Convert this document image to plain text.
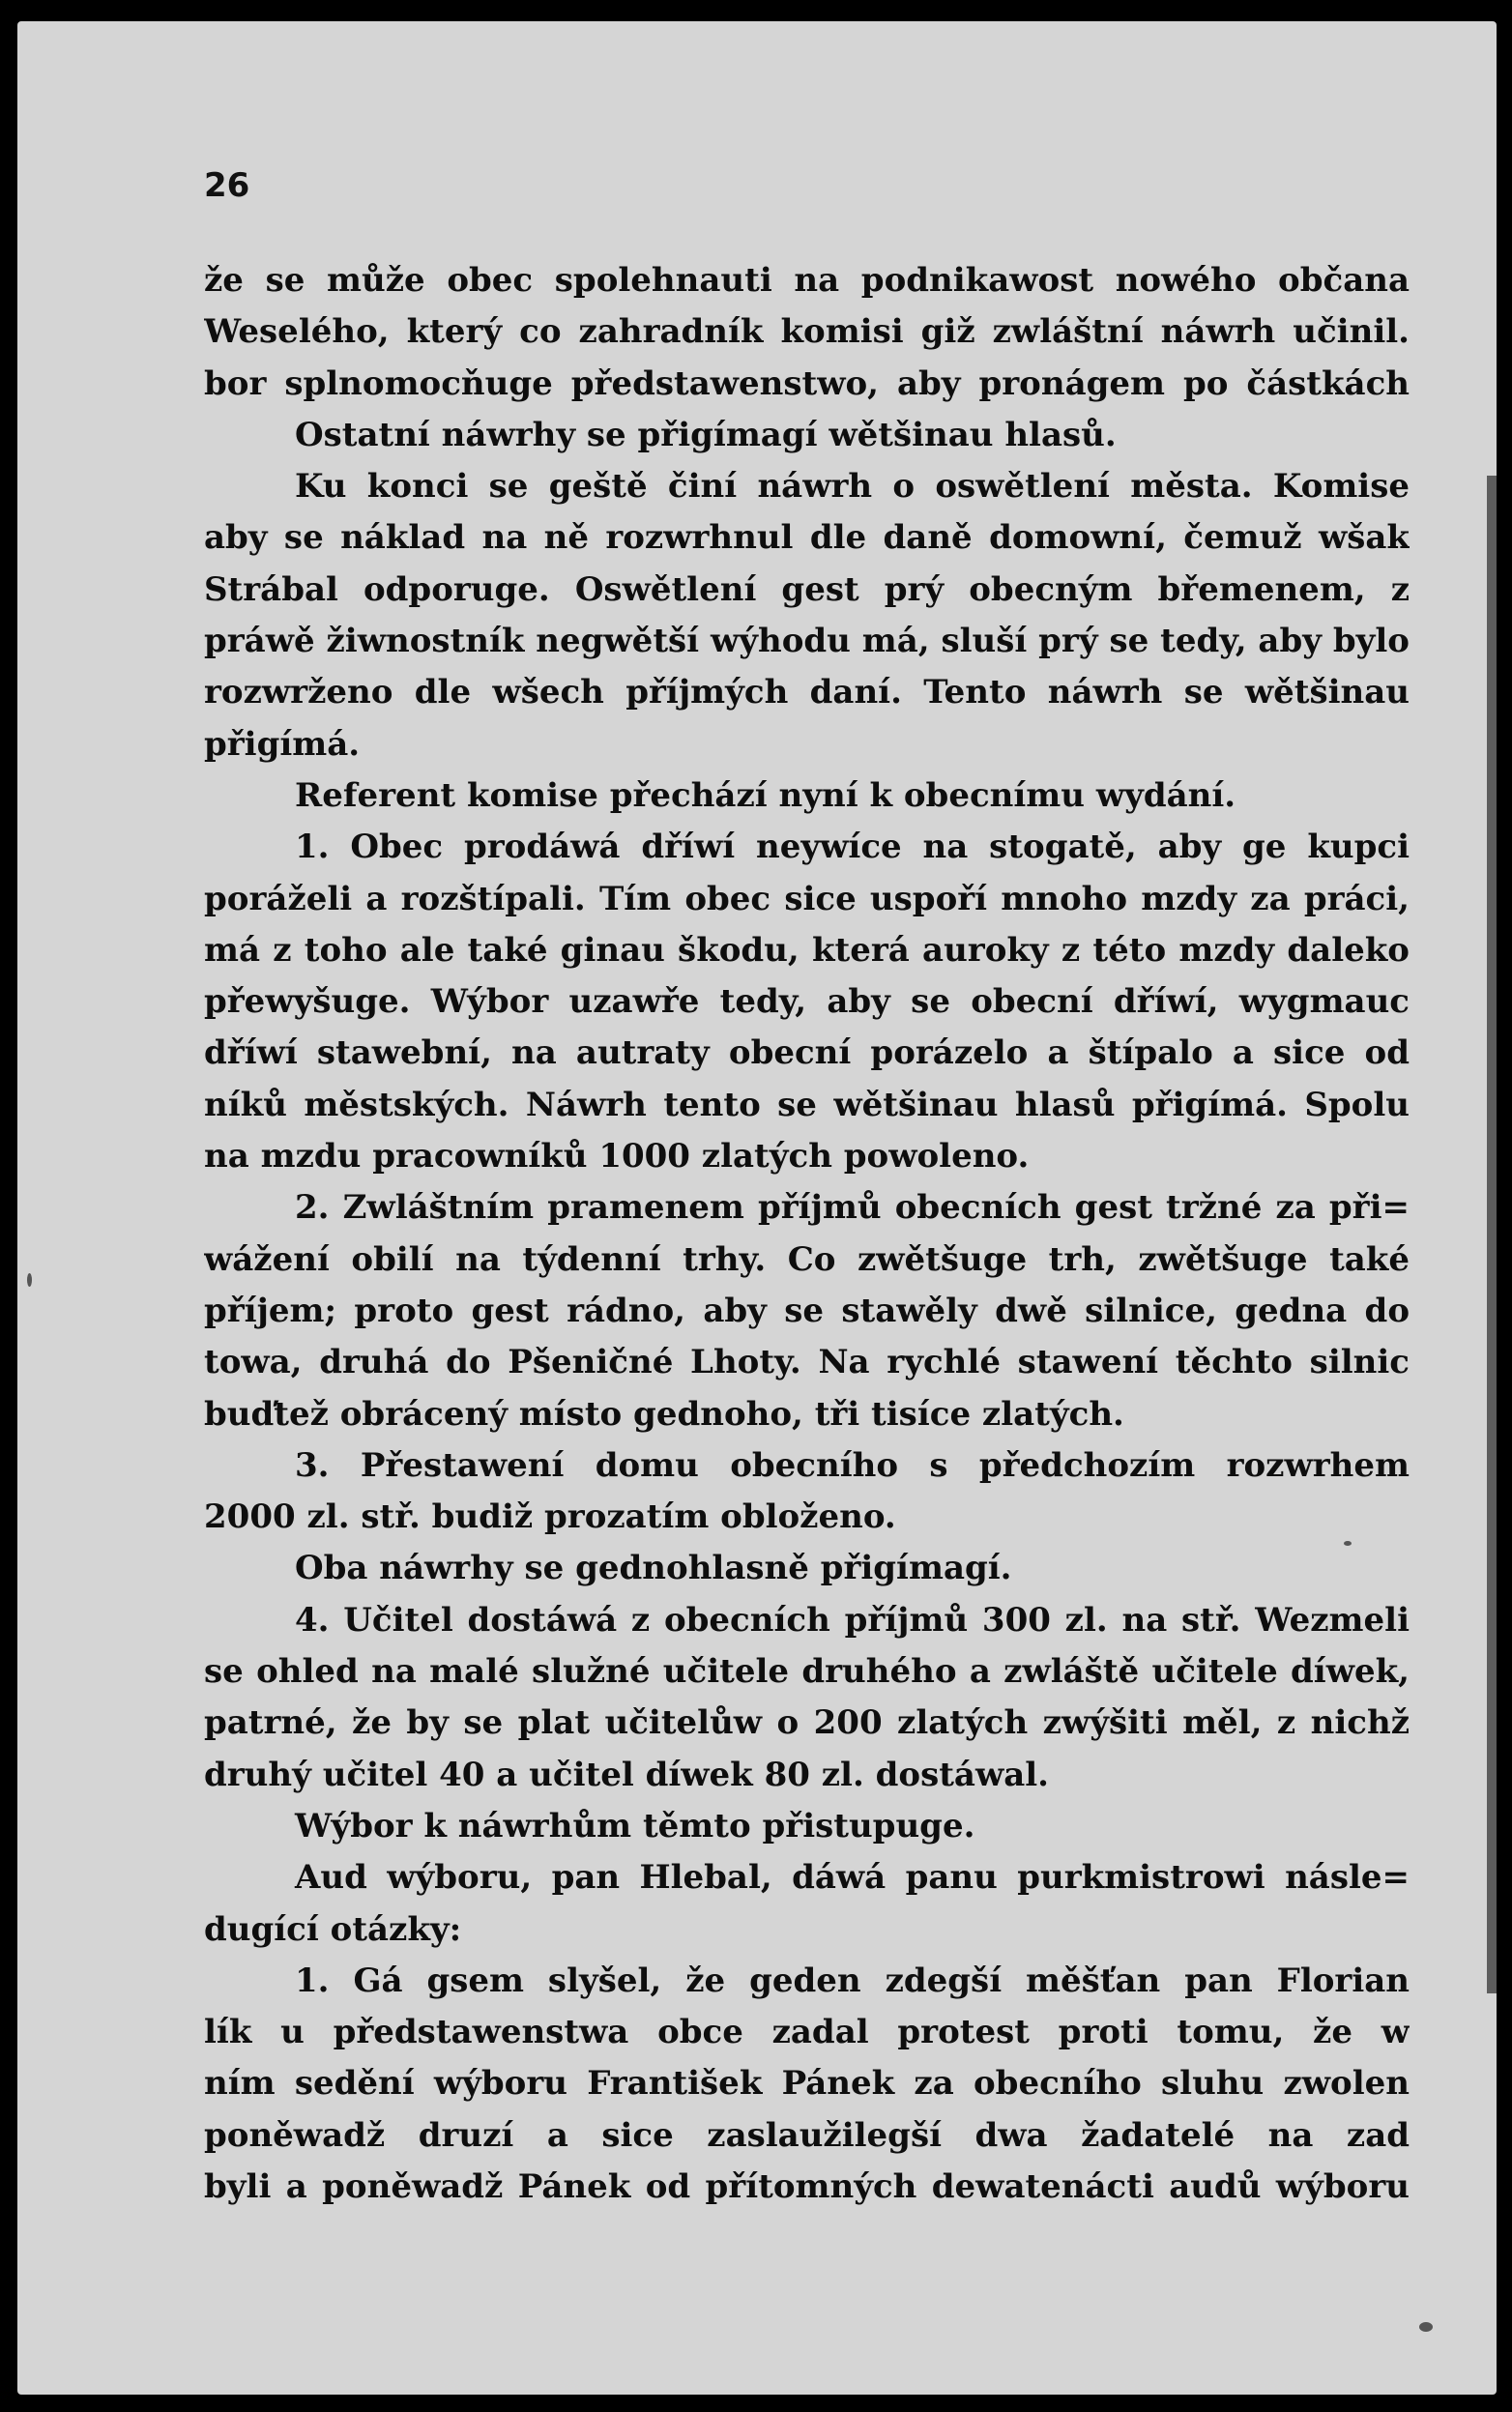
26
že se může obec spolehnauti na podnikawost nowého občana
Weseléhо, který co zahradník komisi giž zwláštní náwrh učinil.
bor splnomocňuge předstawenstwo, aby pronágem po částkách
Ostatní náwrhy se přigímagí wětšinau hlasů.
Ku konci se geště činí náwrh o oswětlení města. Komise
aby se náklad na ně rozwrhnul dle daně domowní, čemuž wšak
Strábal odporuge. Oswětlení gest prý obecným břemenem, z
práwě žiwnostník negwětší wýhodu má, sluší prý se tedy, aby bylo
rozwrženo dle wšech příjmých daní. Tento náwrh se wětšinau
přigímá.
Referent komise přechází nyní k obecnímu wydání.
1. Obec prodáwá dříwí neywíce na stogatě, aby ge kupci
poráželi a rozštípali. Tím obec sice uspoří mnoho mzdy za práci,
má z toho ale také ginau škodu, která auroky z této mzdy daleko
přewyšuge. Wýbor uzawře tedy, aby se obecní dříwí, wygmauc
dříwí stawební, na autraty obecní porázelo a štípalo a sice od
níků městských. Náwrh tento se wětšinau hlasů přigímá. Spolu
na mzdu pracowníků 1000 zlatých powoleno.
2. Zwláštním pramenem příjmů obecních gest tržné za při=
wážení obilí na týdenní trhy. Co zwětšuge trh, zwětšuge také
příjem; proto gest rádno, aby se stawěly dwě silnice, gedna do
towa, druhá do Pšeničné Lhoty. Na rychlé stawení těchto silnic
buďtež obrácený místo gednoho, tři tisíce zlatých.
3. Přestawení domu obecního s předchozím rozwrhem
2000 zl. stř. budiž prozatím obloženo.
Oba náwrhy se gednohlasně přigímagí.
4. Učitel dostáwá z obecních příjmů 300 zl. na stř. Wezmeli
se ohled na malé služné učitele druhého a zwláště učitele díwek,
patrné, že by se plat učitelůw o 200 zlatých zwýšiti měl, z nichž
druhý učitel 40 a učitel díwek 80 zl. dostáwal.
Wýbor k náwrhům těmto přistupuge.
Aud wýboru, pan Hlebal, dáwá panu purkmistrowi násle=
dugící otázky:
1. Gá gsem slyšel, že geden zdegší měšťan pan Florian
lík u předstawenstwa obce zadal protest proti tomu, že w
ním sedění wýboru František Pánek za obecního sluhu zwolen
poněwadž druzí a sice zaslaužilegší dwa žadatelé na zad
byli a poněwadž Pánek od přítomných dewatenácti audů wýboru
